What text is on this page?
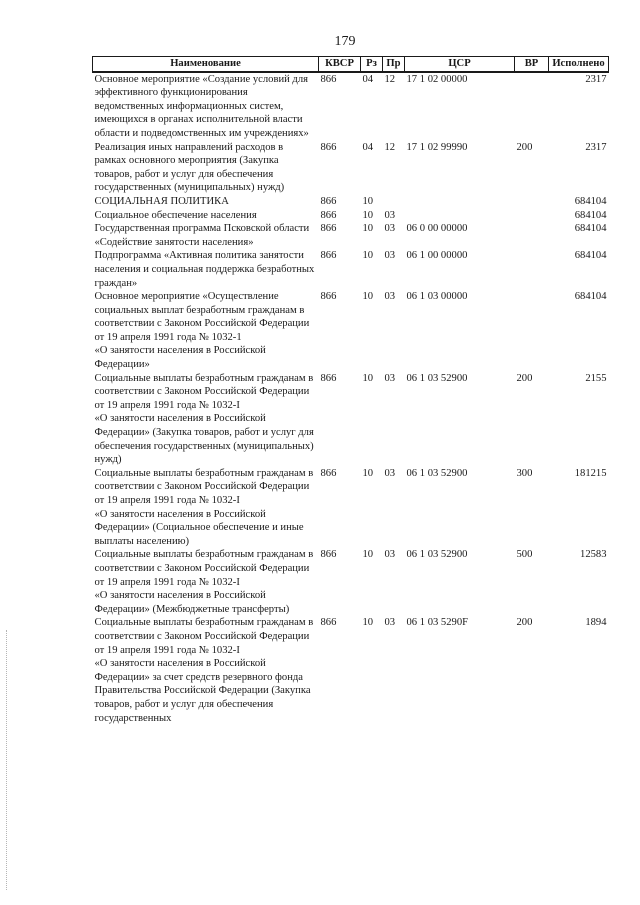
179
Наименование	КВСР	Рз	Пр	ЦСР	ВР	Исполнено
Основное мероприятие «Создание условий для эффективного функционирования ведомственных информационных систем, имеющихся в органах исполнительной власти области и подведомственных им учреждениях»	866	04	12	17 1 02 00000		2317
Реализация иных направлений расходов в рамках основного мероприятия (Закупка товаров, работ и услуг для обеспечения государственных (муниципальных) нужд)	866	04	12	17 1 02 99990	200	2317
СОЦИАЛЬНАЯ ПОЛИТИКА	866	10				684104
Социальное обеспечение населения	866	10	03			684104
Государственная программа Псковской области «Содействие занятости населения»	866	10	03	06 0 00 00000		684104
Подпрограмма «Активная политика занятости населения и социальная поддержка безработных граждан»	866	10	03	06 1 00 00000		684104
Основное мероприятие «Осуществление социальных выплат безработным гражданам в соответствии с Законом Российской Федерации
от 19 апреля 1991 года № 1032-1
«О занятости населения в Российской Федерации»	866	10	03	06 1 03 00000		684104
Социальные выплаты безработным гражданам в соответствии с Законом Российской Федерации
от 19 апреля 1991 года № 1032-I
«О занятости населения в Российской Федерации» (Закупка товаров, работ и услуг для обеспечения государственных (муниципальных) нужд)	866	10	03	06 1 03 52900	200	2155
Социальные выплаты безработным гражданам в соответствии с Законом Российской Федерации
от 19 апреля 1991 года № 1032-I
«О занятости населения в Российской Федерации» (Социальное обеспечение и иные выплаты населению)	866	10	03	06 1 03 52900	300	181215
Социальные выплаты безработным гражданам в соответствии с Законом Российской Федерации
от 19 апреля 1991 года № 1032-I
«О занятости населения в Российской Федерации» (Межбюджетные трансферты)	866	10	03	06 1 03 52900	500	12583
Социальные выплаты безработным гражданам в соответствии с Законом Российской Федерации
от 19 апреля 1991 года № 1032-I
«О занятости населения в Российской Федерации» за счет средств резервного фонда Правительства Российской Федерации (Закупка товаров, работ и услуг для обеспечения государственных	866	10	03	06 1 03 5290F	200	1894
